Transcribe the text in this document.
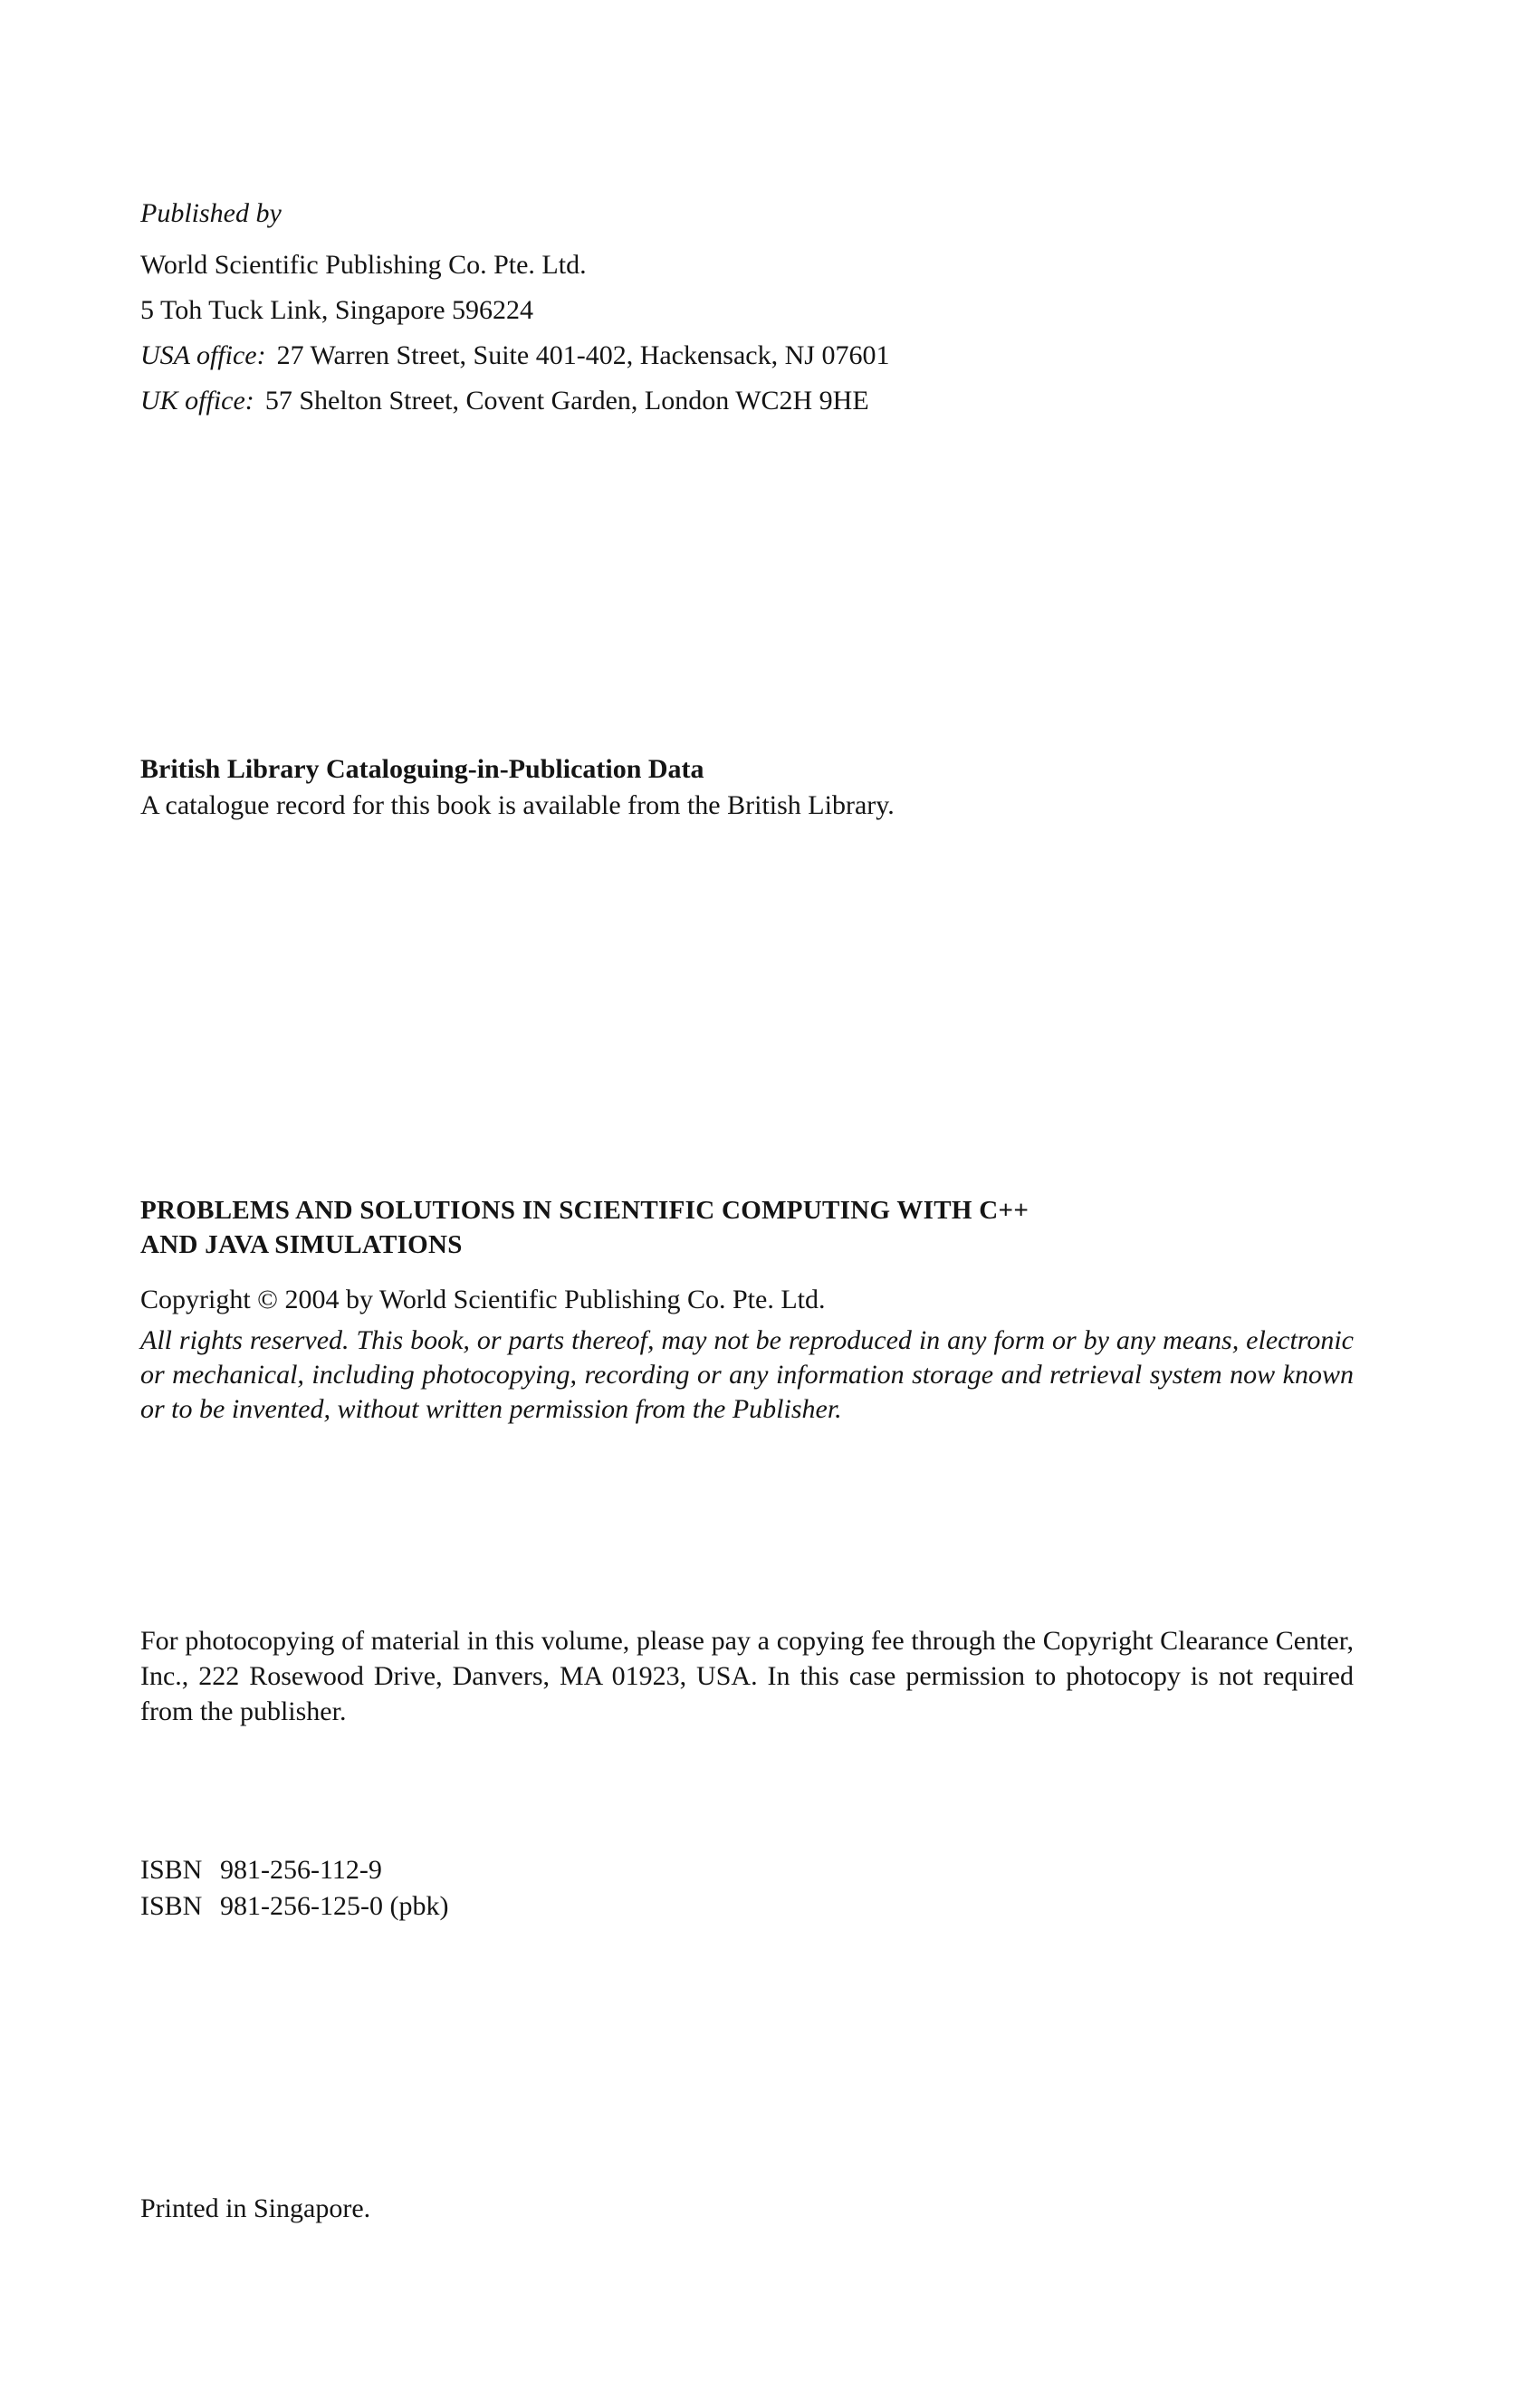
Published by
World Scientific Publishing Co. Pte. Ltd.
5 Toh Tuck Link, Singapore 596224
USA office: 27 Warren Street, Suite 401-402, Hackensack, NJ 07601
UK office: 57 Shelton Street, Covent Garden, London WC2H 9HE
British Library Cataloguing-in-Publication Data
A catalogue record for this book is available from the British Library.
PROBLEMS AND SOLUTIONS IN SCIENTIFIC COMPUTING WITH C++
AND JAVA SIMULATIONS
Copyright © 2004 by World Scientific Publishing Co. Pte. Ltd.
All rights reserved. This book, or parts thereof, may not be reproduced in any form or by any means, electronic or mechanical, including photocopying, recording or any information storage and retrieval system now known or to be invented, without written permission from the Publisher.

For photocopying of material in this volume, please pay a copying fee through the Copyright Clearance Center, Inc., 222 Rosewood Drive, Danvers, MA 01923, USA. In this case permission to photocopy is not required from the publisher.

ISBN 981-256-112-9
ISBN 981-256-125-0 (pbk)
Printed in Singapore.
